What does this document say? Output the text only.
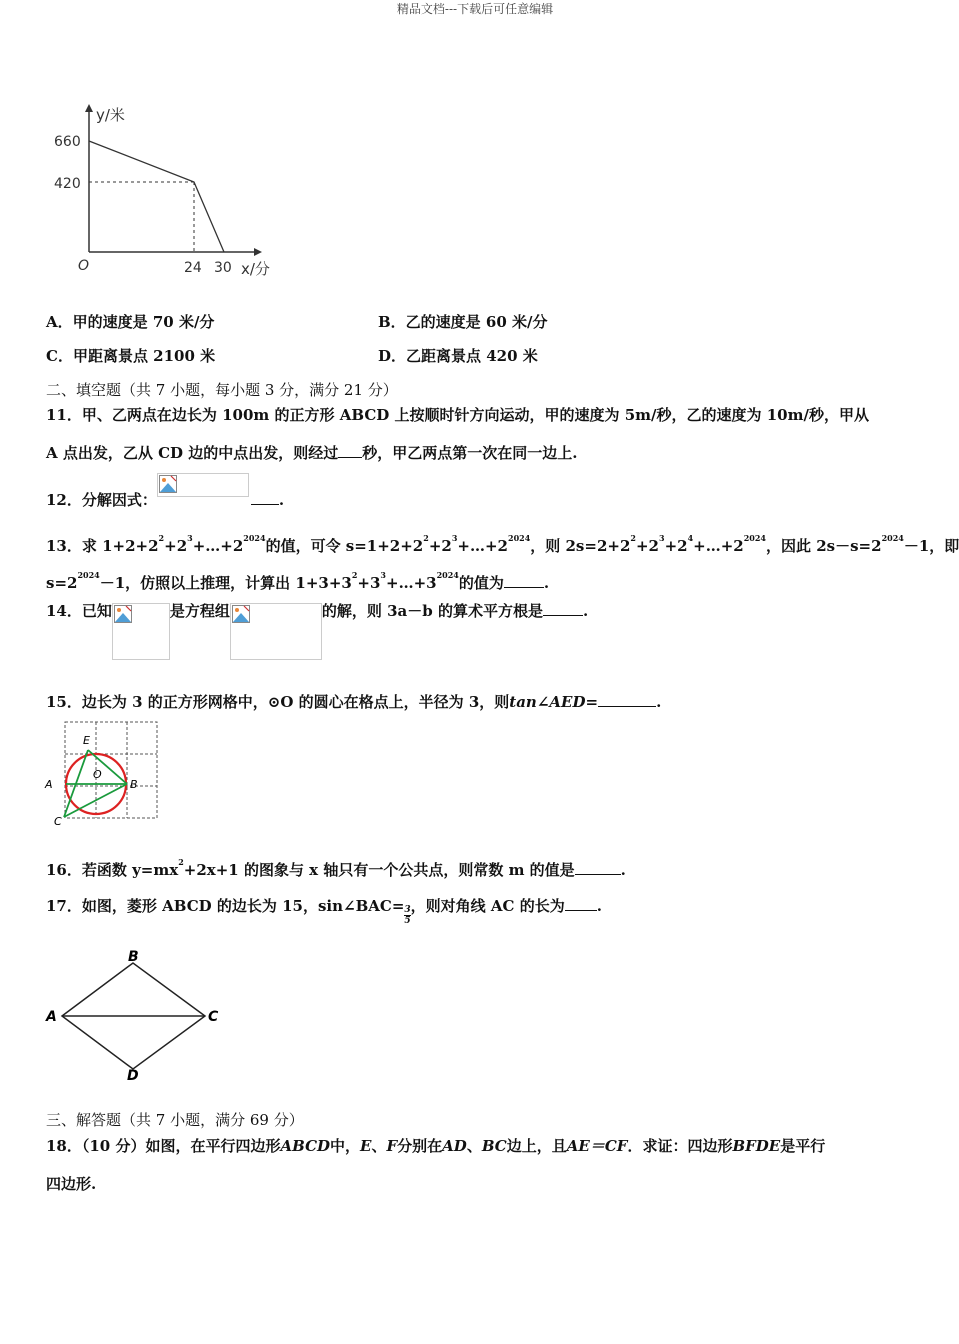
精品文档---下载后可任意编辑
y/米
660
420
O	24 30 x/分
A．甲的速度是 70 米/分	B．乙的速度是 60 米/分
C．甲距离景点 2100 米	D．乙距离景点 420 米
二、填空题（共 7 小题，每小题 3 分，满分 21 分）
11．甲、乙两点在边长为 100m 的正方形 ABCD 上按顺时针方向运动，甲的速度为 5m/秒，乙的速度为 10m/秒，甲从
A 点出发，乙从 CD 边的中点出发，则经过 秒，甲乙两点第一次在同一边上.
12．分解因式：	.
13．求 $1+2+2^2+2^3+\dots+2^{2024}$的值，可令 $s=1+2+2^2+2^3+\dots+2^{2024}$，则 $2s=2+2^2+2^3+2^4+\dots+2^{2024}$，因此 $2s-s=2^{2024}-1$，即
$s=2^{2024}-1$，仿照以上推理，计算出 $1+3+3^2+3^3+\dots+3^{2024}$的值为	.
14．已知	是方程组	的解，则 3a－b 的算术平方根是	.
15．边长为 3 的正方形网格中，⊙O 的圆心在格点上，半径为 3，则tan∠AED=	.
E
O
A	B
C
16．若函数 $y=mx^2+2x+1$ 的图象与 x 轴只有一个公共点，则常数 m 的值是	.
17．如图，菱形 ABCD 的边长为 15，sin∠BAC= $\frac{3}{5}$ ，则对角线 AC 的长为 .
B
A	C
D
三、解答题（共 7 小题，满分 69 分）
18．（10 分）如图，在平行四边形ABCD中，E、F分别在AD、BC边上，且AE＝CF．求证：四边形BFDE是平行
四边形.
